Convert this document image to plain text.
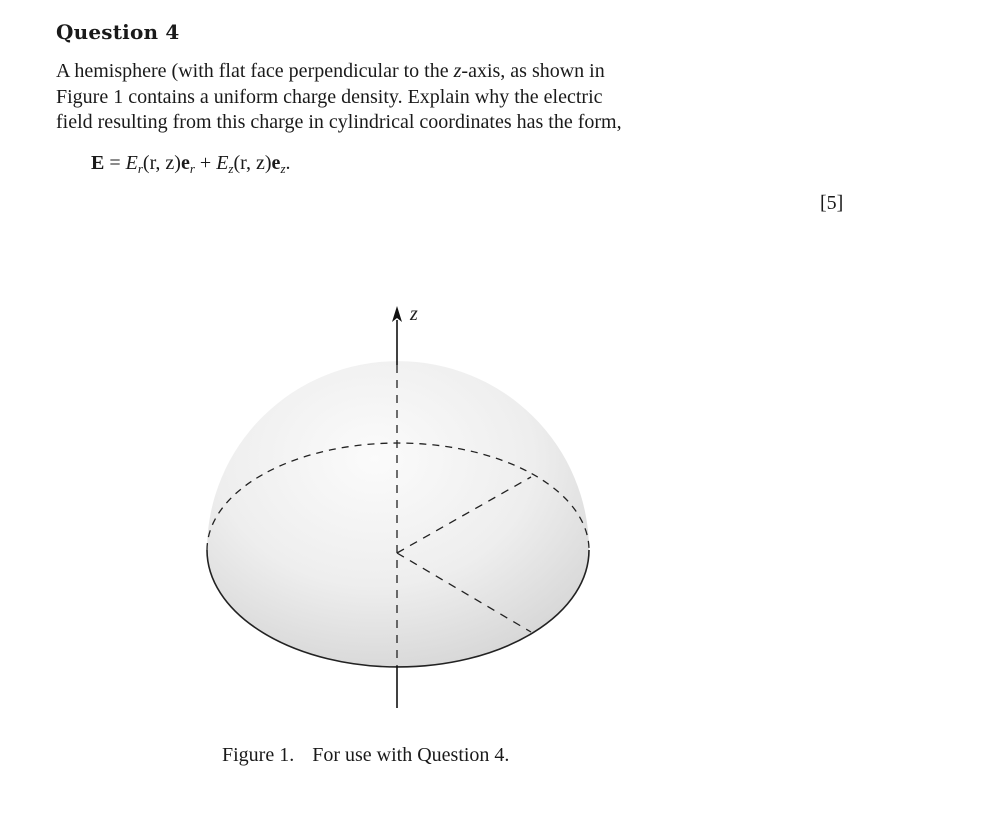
Question 4
A hemisphere (with flat face perpendicular to the z-axis, as shown in
Figure 1 contains a uniform charge density. Explain why the electric
field resulting from this charge in cylindrical coordinates has the form,
$E = E_r(r$, $z)e_r + E_z(r$, $z)e_z$.
[5]
z
Figure 1. For use with Question 4.
